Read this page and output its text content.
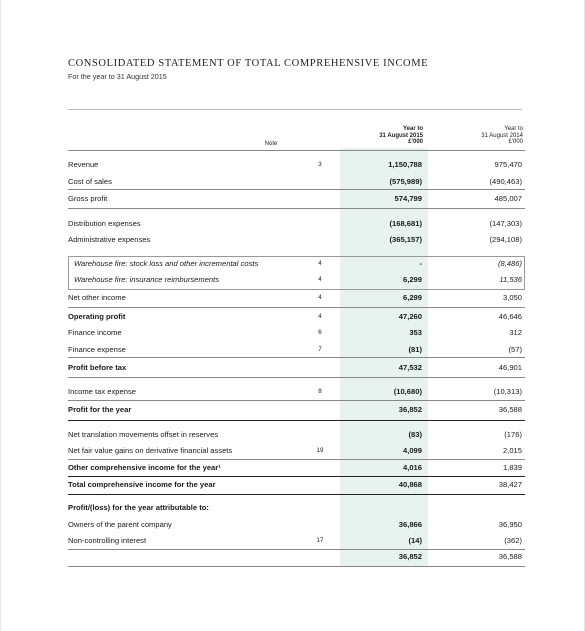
CONSOLIDATED STATEMENT OF TOTAL COMPREHENSIVE INCOME
For the year to 31 August 2015
Note
Year to
31 August 2015
£'000
Year to
31 August 2014
£'000
Revenue	3	1,150,788	975,470
Cost of sales	(575,989)	(490,463)
Gross profit	574,799	485,007
Distribution expenses	(168,681)	(147,303)
Administrative expenses	(365,157)	(294,108)
Warehouse fire: stock loss and other incremental costs	4	-	(8,486)
Warehouse fire: insurance reimbursements	4	6,299	11,536
Net other income	4	6,299	3,050
Operating profit	4	47,260	46,646
Finance income	6	353	312
Finance expense	7	(81)	(57)
Profit before tax	47,532	46,901
Income tax expense	8	(10,680)	(10,313)
Profit for the year	36,852	36,588
Net translation movements offset in reserves	(83)	(176)
Net fair value gains on derivative financial assets	19	4,099	2,015
Other comprehensive income for the year¹	4,016	1,839
Total comprehensive income for the year	40,868	38,427
Profit/(loss) for the year attributable to:
Owners of the parent company	36,866	36,950
Non-controlling interest	17	(14)	(362)
36,852	36,588
